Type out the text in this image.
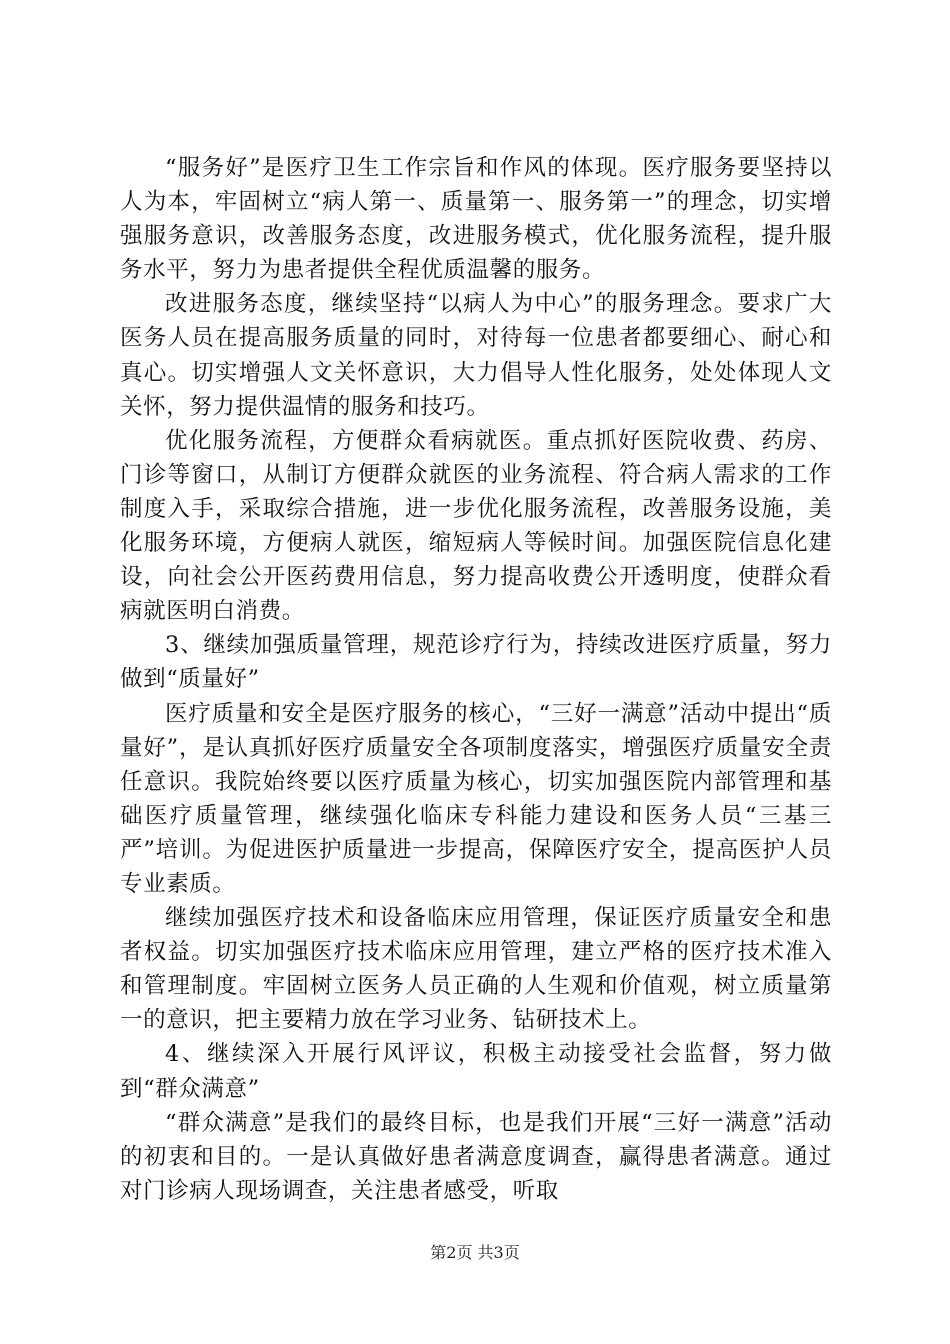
“服务好”是医疗卫生工作宗旨和作风的体现。医疗服务要坚持以人为本，牢固树立“病人第一、质量第一、服务第一”的理念，切实增强服务意识，改善服务态度，改进服务模式，优化服务流程，提升服务水平，努力为患者提供全程优质温馨的服务。

改进服务态度，继续坚持“以病人为中心”的服务理念。要求广大医务人员在提高服务质量的同时，对待每一位患者都要细心、耐心和真心。切实增强人文关怀意识，大力倡导人性化服务，处处体现人文关怀，努力提供温情的服务和技巧。

优化服务流程，方便群众看病就医。重点抓好医院收费、药房、门诊等窗口，从制订方便群众就医的业务流程、符合病人需求的工作制度入手，采取综合措施，进一步优化服务流程，改善服务设施，美化服务环境，方便病人就医，缩短病人等候时间。加强医院信息化建设，向社会公开医药费用信息，努力提高收费公开透明度，使群众看病就医明白消费。

3、继续加强质量管理，规范诊疗行为，持续改进医疗质量，努力做到“质量好”

医疗质量和安全是医疗服务的核心，“三好一满意”活动中提出“质量好”，是认真抓好医疗质量安全各项制度落实，增强医疗质量安全责任意识。我院始终要以医疗质量为核心，切实加强医院内部管理和基础医疗质量管理，继续强化临床专科能力建设和医务人员“三基三严”培训。为促进医护质量进一步提高，保障医疗安全，提高医护人员专业素质。

继续加强医疗技术和设备临床应用管理，保证医疗质量安全和患者权益。切实加强医疗技术临床应用管理，建立严格的医疗技术准入和管理制度。牢固树立医务人员正确的人生观和价值观，树立质量第一的意识，把主要精力放在学习业务、钻研技术上。

4、继续深入开展行风评议，积极主动接受社会监督，努力做到“群众满意”

“群众满意”是我们的最终目标，也是我们开展“三好一满意”活动的初衷和目的。一是认真做好患者满意度调查，赢得患者满意。通过对门诊病人现场调查，关注患者感受，听取

第2页 共3页
